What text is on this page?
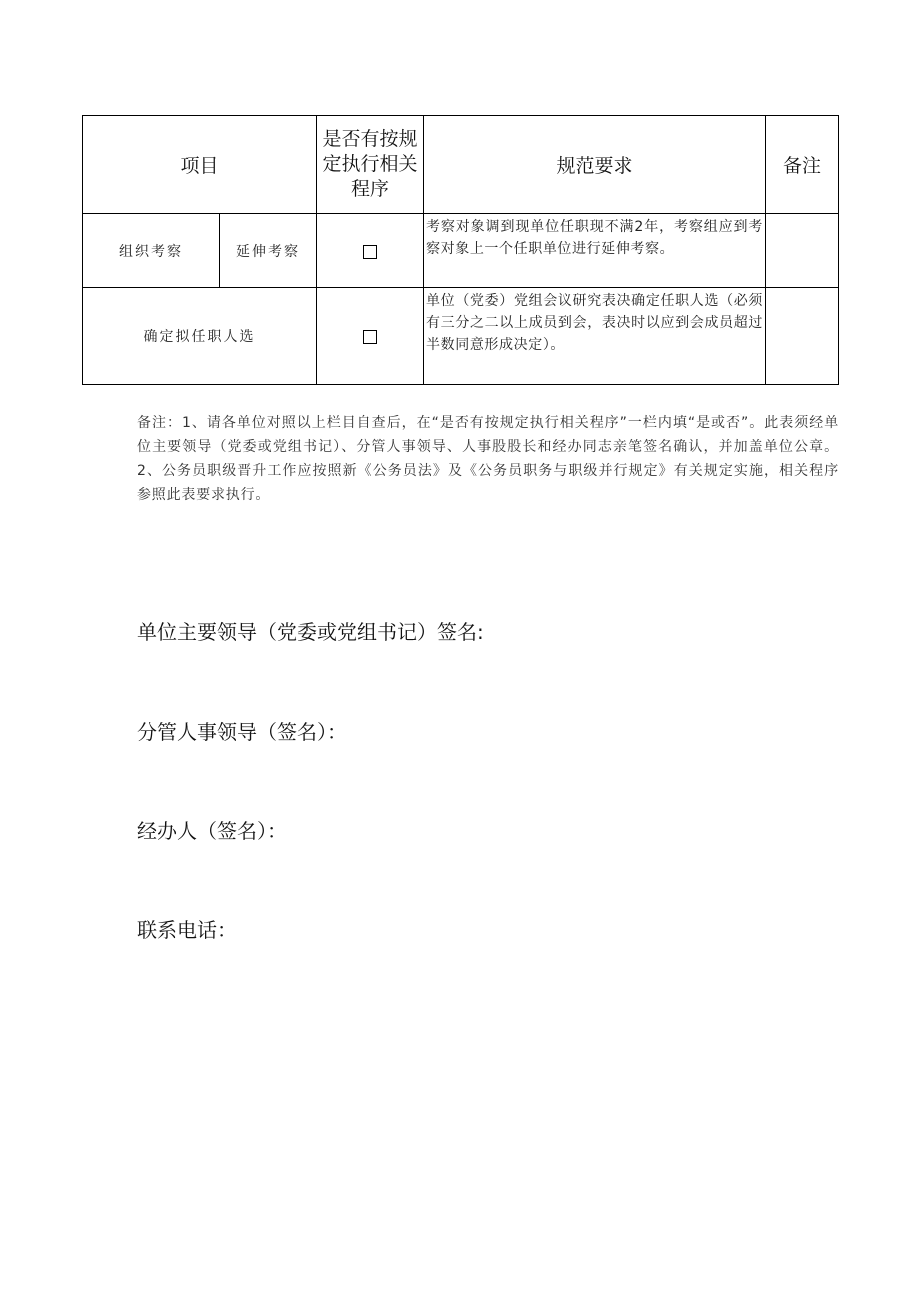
项目		是否有按规定执行相关程序	规范要求	备注
组织考察	延伸考察		考察对象调到现单位任职现不满2年，考察组应到考察对象上一个任职单位进行延伸考察。	
确定拟任职人选			单位（党委）党组会议研究表决确定任职人选（必须有三分之二以上成员到会，表决时以应到会成员超过半数同意形成决定）。	

备注：1、请各单位对照以上栏目自查后，在“是否有按规定执行相关程序”一栏内填“是或否”。此表须经单位主要领导（党委或党组书记）、分管人事领导、人事股股长和经办同志亲笔签名确认，并加盖单位公章。2、公务员职级晋升工作应按照新《公务员法》及《公务员职务与职级并行规定》有关规定实施，相关程序参照此表要求执行。

单位主要领导（党委或党组书记）签名:

分管人事领导（签名）：

经办人（签名）：

联系电话：
